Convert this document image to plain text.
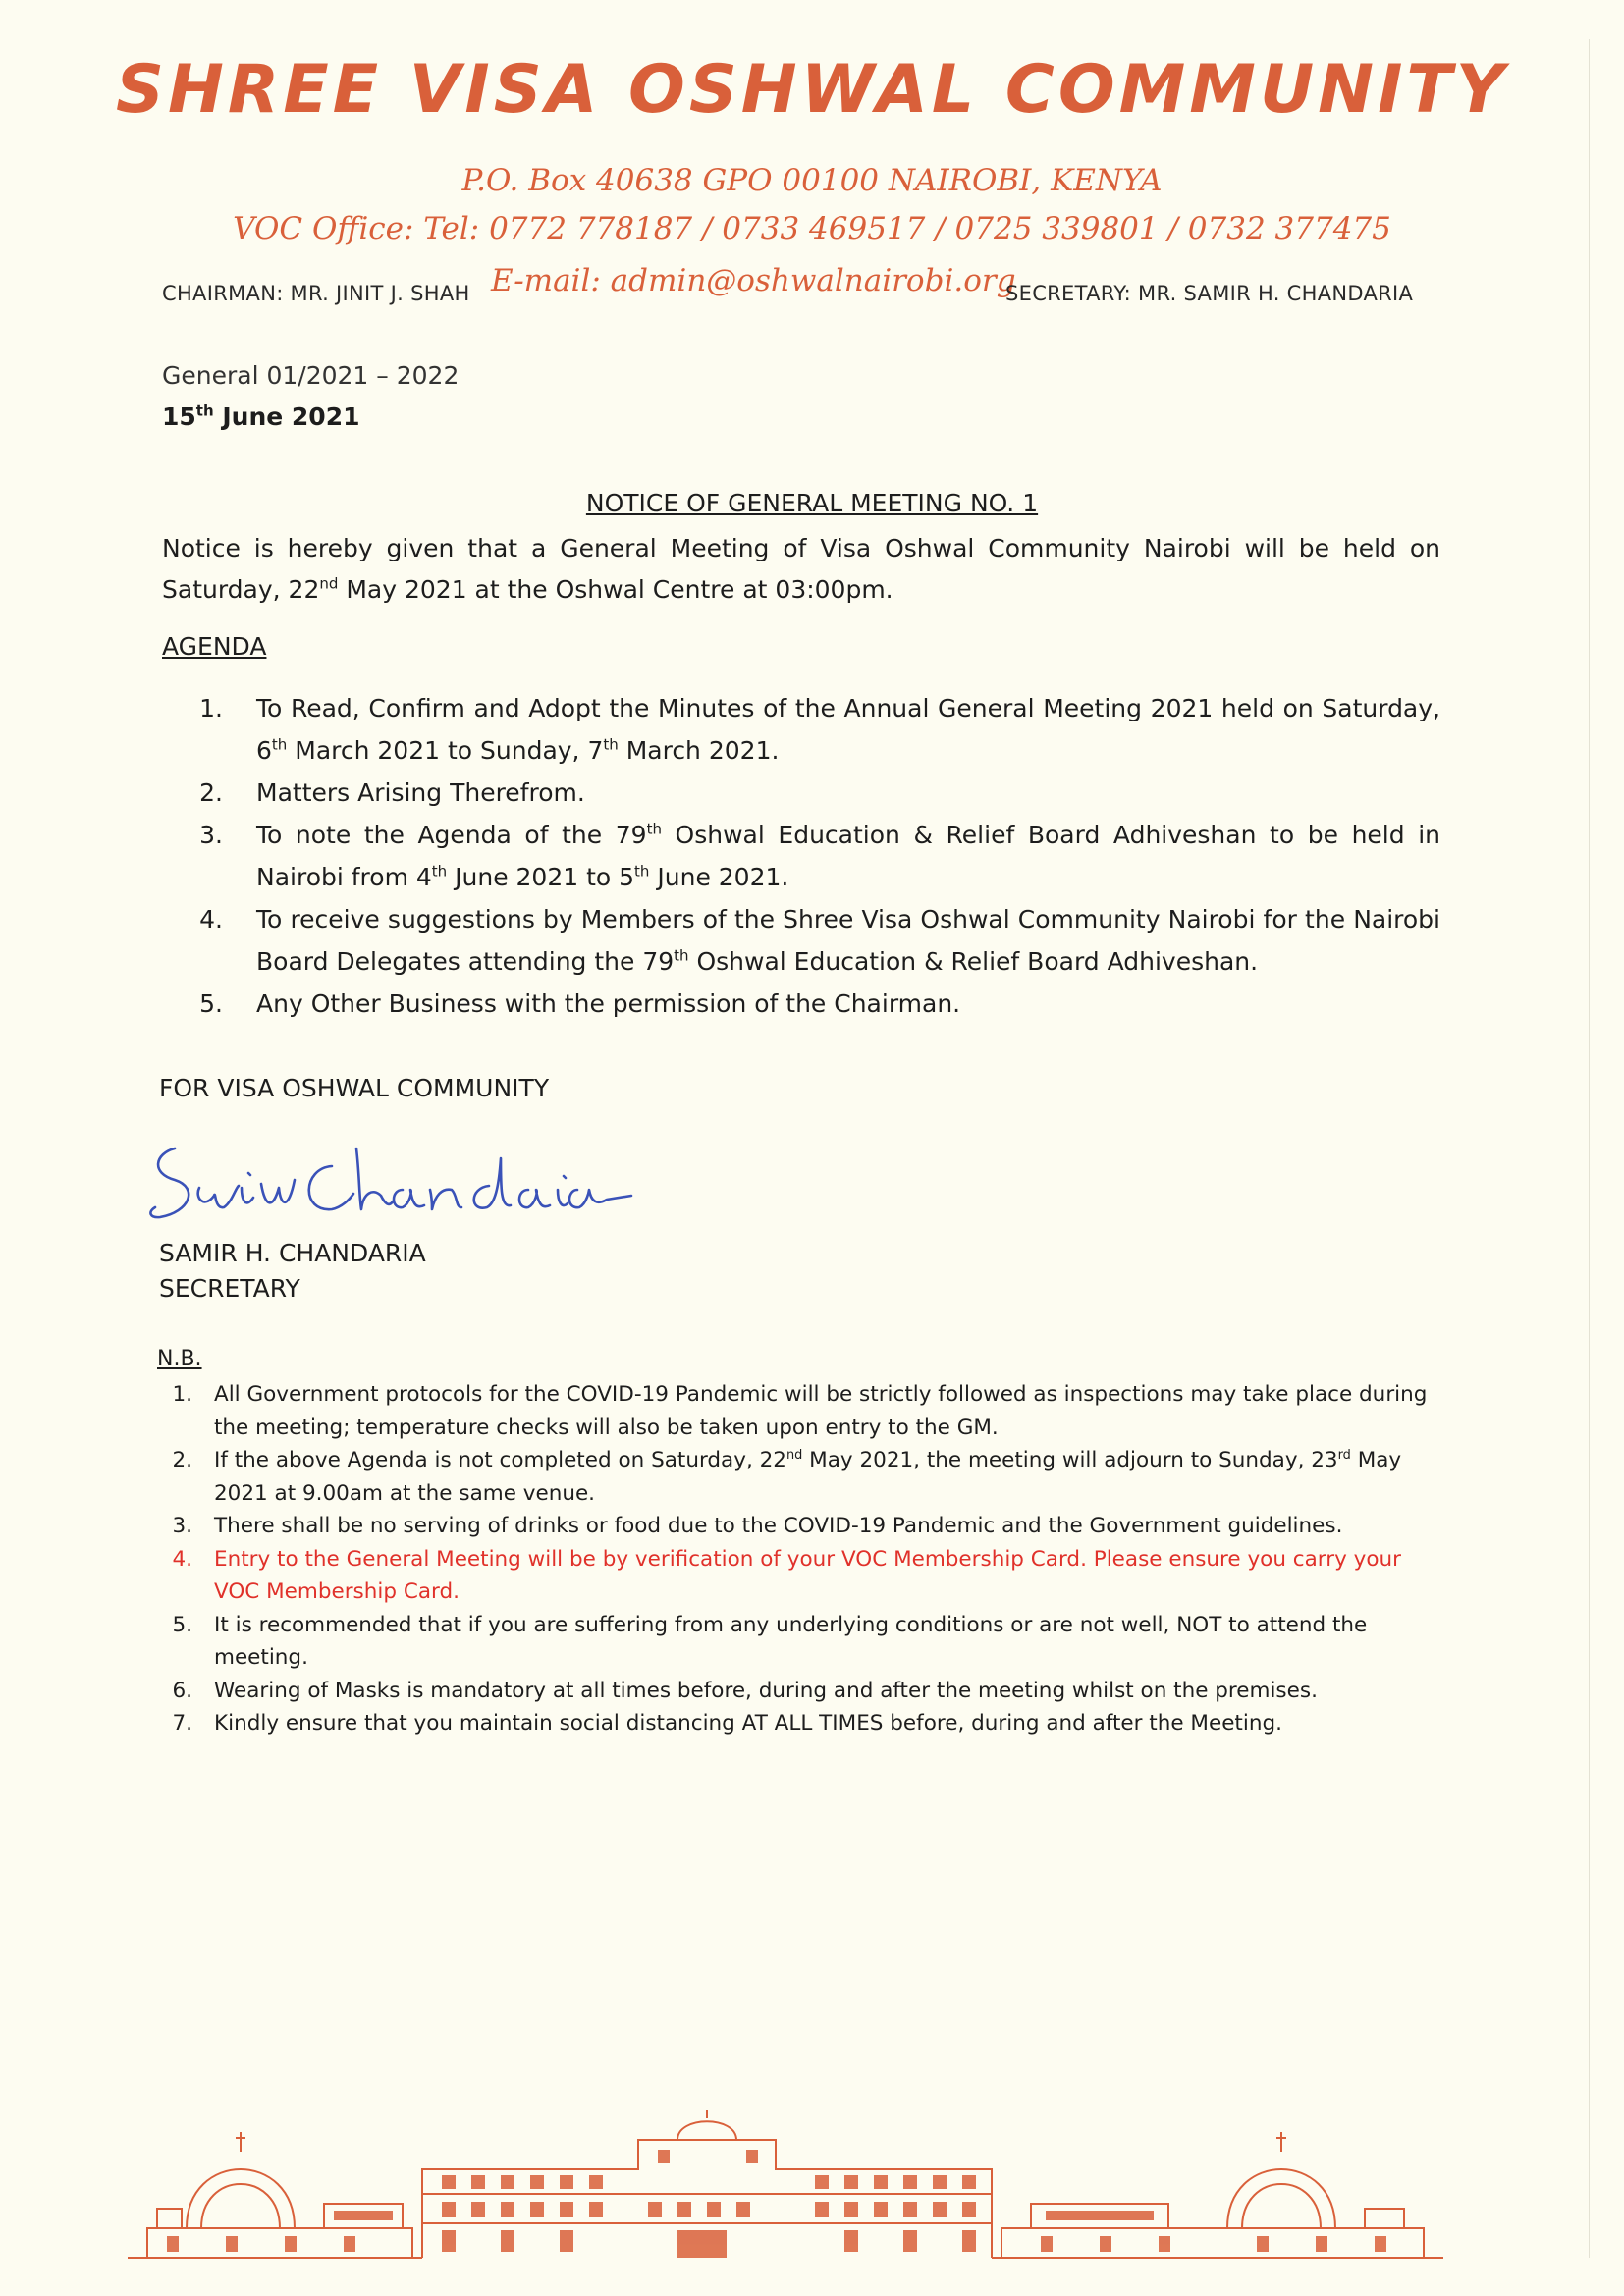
SHREE VISA OSHWAL COMMUNITY
P.O. Box 40638 GPO 00100 NAIROBI, KENYA
VOC Office: Tel: 0772 778187 / 0733 469517 / 0725 339801 / 0732 377475
CHAIRMAN: MR. JINIT J. SHAH E-mail: admin@oshwalnairobi.org
SECRETARY: MR. SAMIR H. CHANDARIA
General 01/2021 – 2022
15th June 2021
NOTICE OF GENERAL MEETING NO. 1
Notice is hereby given that a General Meeting of Visa Oshwal Community Nairobi will be held on Saturday, 22nd May 2021 at the Oshwal Centre at 03:00pm.
AGENDA
1.	To Read, Confirm and Adopt the Minutes of the Annual General Meeting 2021 held on Saturday, 6th March 2021 to Sunday, 7th March 2021.
2.	Matters Arising Therefrom.
3.	To note the Agenda of the 79th Oshwal Education & Relief Board Adhiveshan to be held in Nairobi from 4th June 2021 to 5th June 2021.
4.	To receive suggestions by Members of the Shree Visa Oshwal Community Nairobi for the Nairobi Board Delegates attending the 79th Oshwal Education & Relief Board Adhiveshan.
5.	Any Other Business with the permission of the Chairman.
FOR VISA OSHWAL COMMUNITY
SAMIR H. CHANDARIA
SECRETARY
N.B.
1.	All Government protocols for the COVID-19 Pandemic will be strictly followed as inspections may take place during the meeting; temperature checks will also be taken upon entry to the GM.
2.	If the above Agenda is not completed on Saturday, 22nd May 2021, the meeting will adjourn to Sunday, 23rd May 2021 at 9.00am at the same venue.
3.	There shall be no serving of drinks or food due to the COVID-19 Pandemic and the Government guidelines.
4.	Entry to the General Meeting will be by verification of your VOC Membership Card. Please ensure you carry your VOC Membership Card.
5.	It is recommended that if you are suffering from any underlying conditions or are not well, NOT to attend the meeting.
6.	Wearing of Masks is mandatory at all times before, during and after the meeting whilst on the premises.
7.	Kindly ensure that you maintain social distancing AT ALL TIMES before, during and after the Meeting.
